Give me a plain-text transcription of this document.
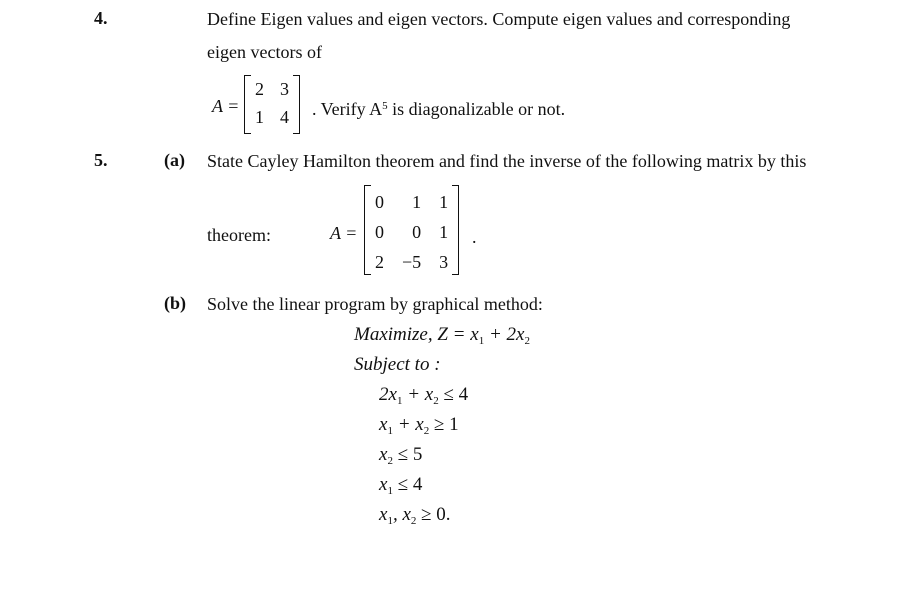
4.	Define Eigen values and eigen vectors. Compute eigen values and corresponding
eigen vectors of
A =
2 3
1 4 . Verify $A^5$ is diagonalizable or not.
5.	(a) State Cayley Hamilton theorem and find the inverse of the following matrix by this
theorem:	A =
0	1 1
0	0 1
2 −5 3
.
(b) Solve the linear program by graphical method:
Maximize, $Z = x_1 + 2x_2$
Subject to :
$2x_1 + x_2 \le 4$
$x_1 + x_2 \ge 1$
$x_2 \le 5$
$x_1 \le 4$
$x_1$, $x_2 \ge 0$.
